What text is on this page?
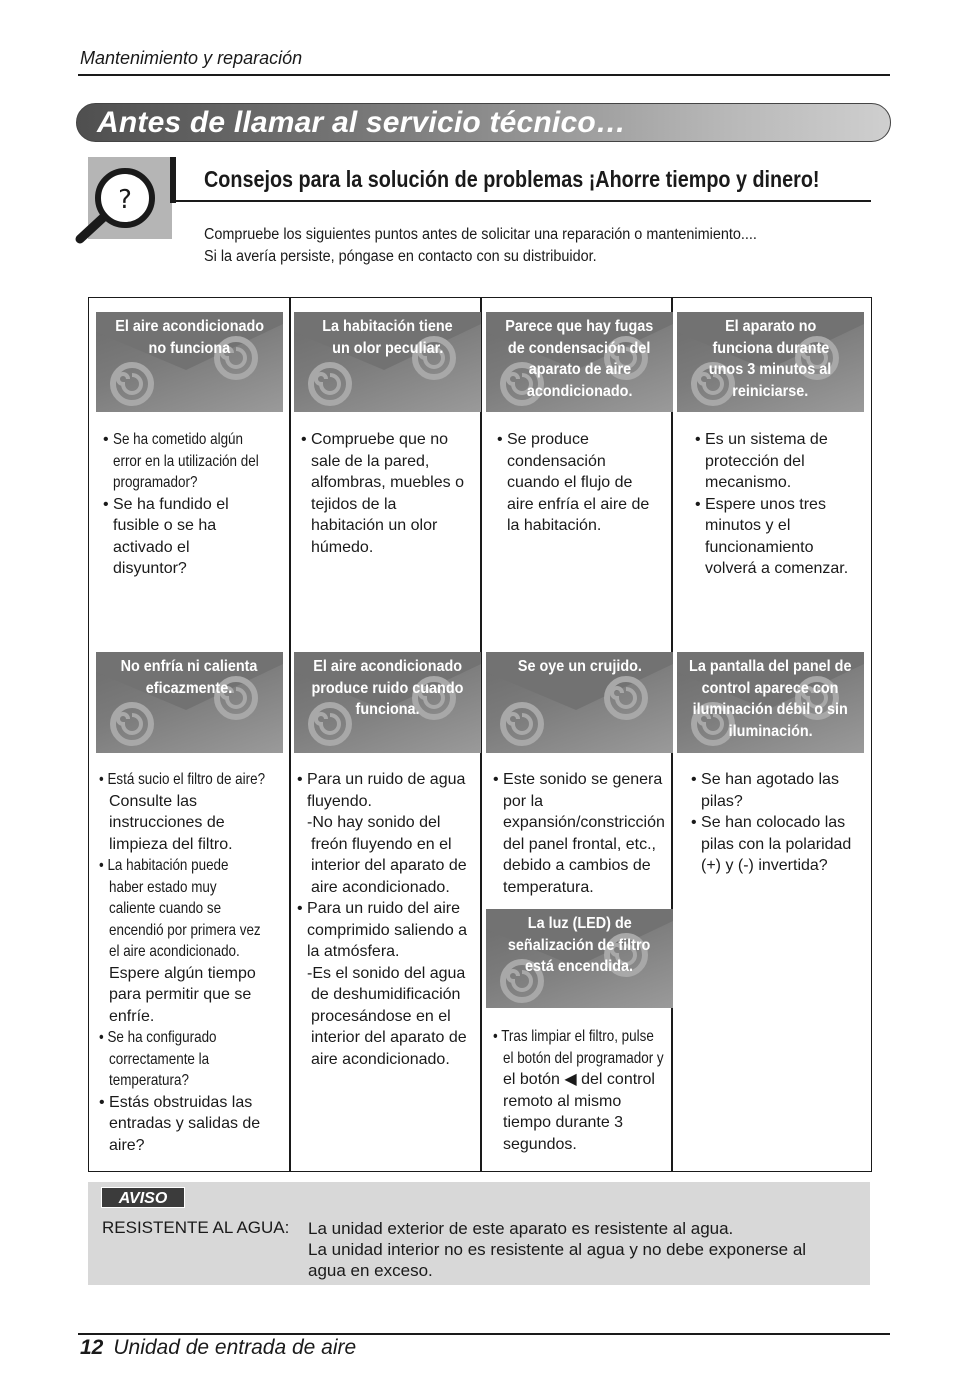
Mantenimiento y reparación
Antes de llamar al servicio técnico…
?
Consejos para la solución de problemas ¡Ahorre tiempo y dinero!
Compruebe los siguientes puntos antes de solicitar una reparación o mantenimiento....
Si la avería persiste, póngase en contacto con su distribuidor.
El aire acondicionado
no funciona
• Se ha cometido algún
error en la utilización del
programador?
• Se ha fundido el
fusible o se ha
activado el
disyuntor?
La habitación tiene
un olor peculiar.
• Compruebe que no
sale de la pared,
alfombras, muebles o
tejidos de la
habitación un olor
húmedo.
Parece que hay fugas
de condensación del
aparato de aire
acondicionado.
• Se produce
condensación
cuando el flujo de
aire enfría el aire de
la habitación.
El aparato no
funciona durante
unos 3 minutos al
reiniciarse.
• Es un sistema de
protección del
mecanismo.
• Espere unos tres
minutos y el
funcionamiento
volverá a comenzar.
No enfría ni calienta
eficazmente.
• Está sucio el filtro de aire?
Consulte las
instrucciones de
limpieza del filtro.
• La habitación puede
haber estado muy
caliente cuando se
encendió por primera vez
el aire acondicionado.
Espere algún tiempo
para permitir que se
enfríe.
• Se ha configurado
correctamente la
temperatura?
• Estás obstruidas las
entradas y salidas de
aire?
El aire acondicionado
produce ruido cuando
funciona.
• Para un ruido de agua
fluyendo.
-No hay sonido del
freón fluyendo en el
interior del aparato de
aire acondicionado.
• Para un ruido del aire
comprimido saliendo a
la atmósfera.
-Es el sonido del agua
de deshumidificación
procesándose en el
interior del aparato de
aire acondicionado.
Se oye un crujido.
• Este sonido se genera
por la
expansión/constricción
del panel frontal, etc.,
debido a cambios de
temperatura.
La luz (LED) de
señalización de filtro
está encendida.
• Tras limpiar el filtro, pulse
el botón del programador y
el botón ◀ del control
remoto al mismo
tiempo durante 3
segundos.
La pantalla del panel de
control aparece con
iluminación débil o sin
iluminación.
• Se han agotado las
pilas?
• Se han colocado las
pilas con la polaridad
(+) y (-) invertida?
AVISO
RESISTENTE AL AGUA: La unidad exterior de este aparato es resistente al agua.
La unidad interior no es resistente al agua y no debe exponerse al
agua en exceso.
12 Unidad de entrada de aire
